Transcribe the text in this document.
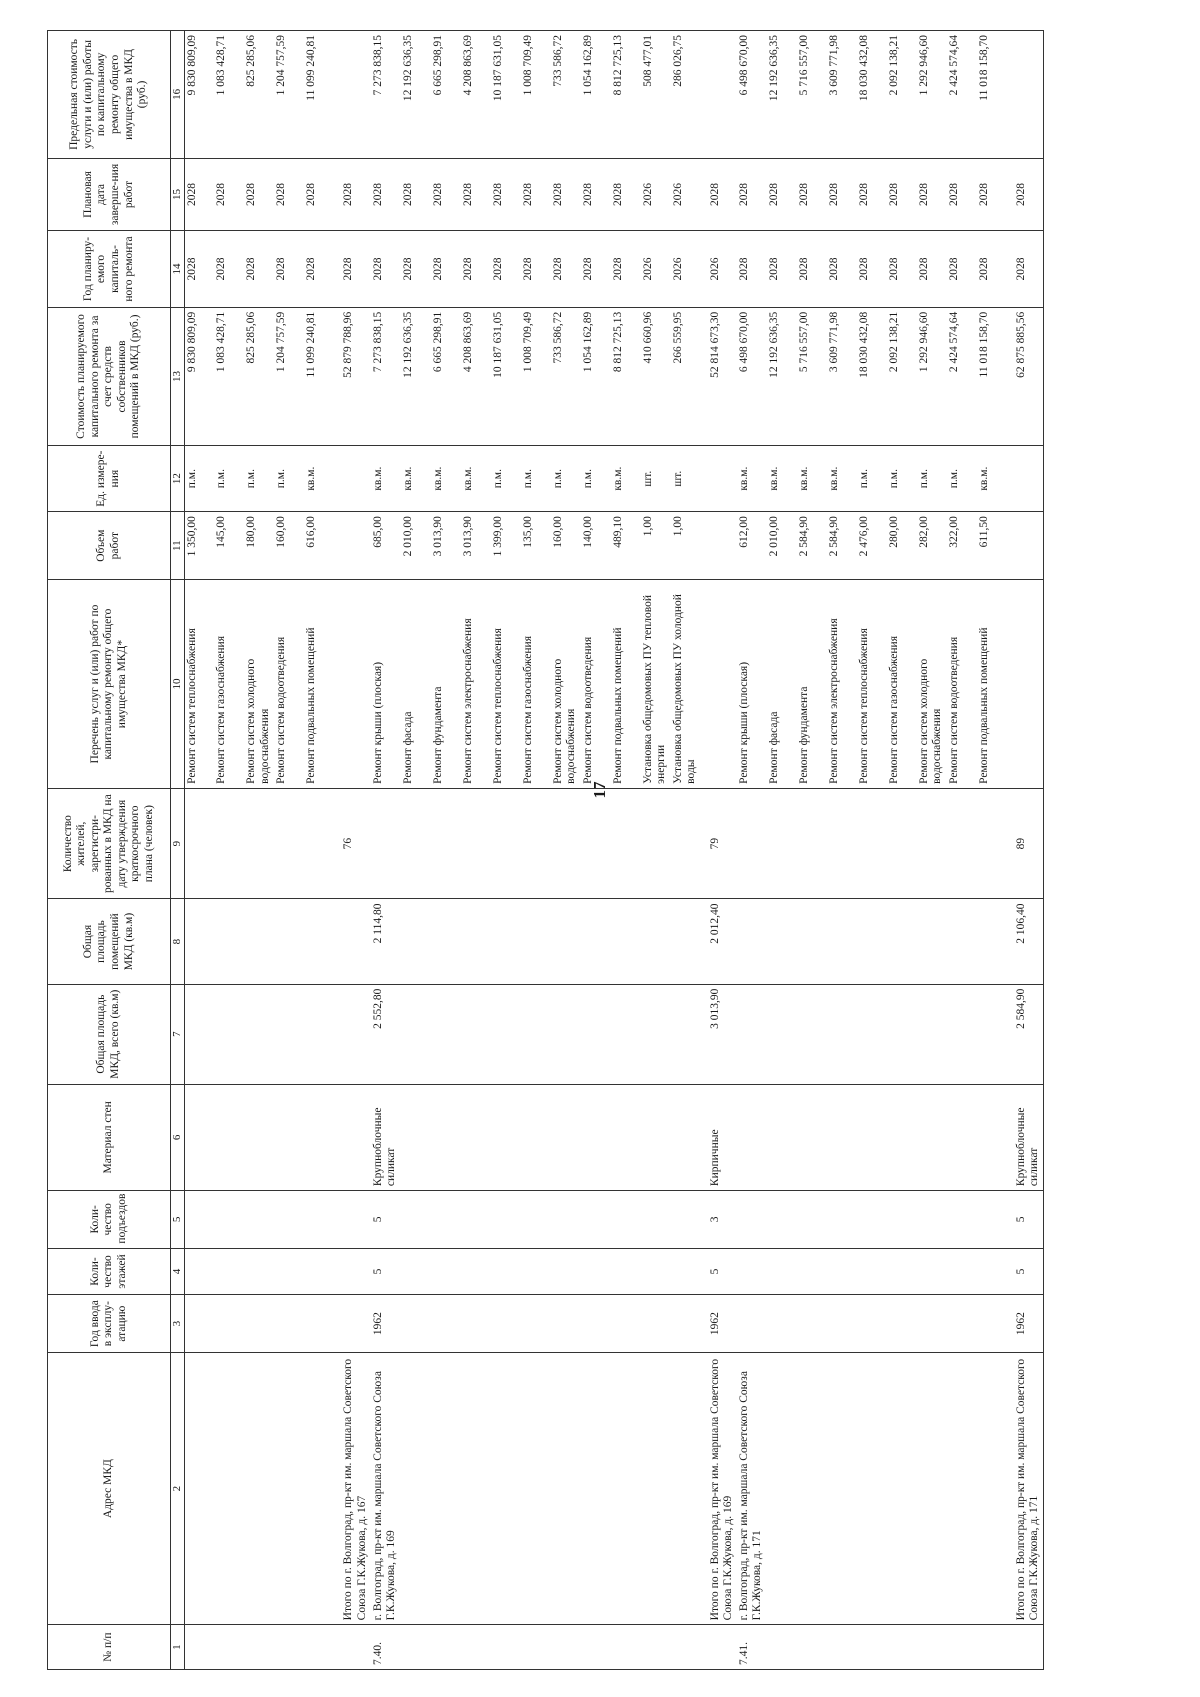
17
№ п/п	Адрес МКД	Год ввода в эксплу-атацию	Коли-чество этажей	Коли-чество подъездов	Материал стен	Общая площадь МКД, всего (кв.м)	Общая площадь помещений МКД (кв.м)	Количество жителей, зарегистри-рованных в МКД на дату утверждения краткосрочного плана (человек)	Перечень услуг и (или) работ по капитальному ремонту общего имущества МКД*	Объем работ	Ед. измере-ния	Стоимость планируемого капитального ремонта за счет средств собственников помещений в МКД (руб.)	Год планиру-емого капиталь-ного ремонта	Плановая дата заверше-ния работ	Предельная стоимость услуги и (или) работы по капитальному ремонту общего имущества в МКД (руб.)
1	2	3	4	5	6	7	8	9	10	11	12	13	14	15	16
									Ремонт систем теплоснабжения	1 350,00	п.м.	9 830 809,09	2028	2028	9 830 809,09
									Ремонт систем газоснабжения	145,00	п.м.	1 083 428,71	2028	2028	1 083 428,71
									Ремонт систем холодного водоснабжения	180,00	п.м.	825 285,06	2028	2028	825 285,06
									Ремонт систем водоотведения	160,00	п.м.	1 204 757,59	2028	2028	1 204 757,59
									Ремонт подвальных помещений	616,00	кв.м.	11 099 240,81	2028	2028	11 099 240,81
	Итого по г. Волгоград, пр-кт им. маршала Советского Союза Г.К.Жукова, д. 167							76				52 879 788,96	2028	2028	
7.40.	г. Волгоград, пр-кт им. маршала Советского Союза Г.К.Жукова, д. 169	1962	5	5	Крупноблочные силикат	2 552,80	2 114,80		Ремонт крыши (плоская)	685,00	кв.м.	7 273 838,15	2028	2028	7 273 838,15
									Ремонт фасада	2 010,00	кв.м.	12 192 636,35	2028	2028	12 192 636,35
									Ремонт фундамента	3 013,90	кв.м.	6 665 298,91	2028	2028	6 665 298,91
									Ремонт систем электроснабжения	3 013,90	кв.м.	4 208 863,69	2028	2028	4 208 863,69
									Ремонт систем теплоснабжения	1 399,00	п.м.	10 187 631,05	2028	2028	10 187 631,05
									Ремонт систем газоснабжения	135,00	п.м.	1 008 709,49	2028	2028	1 008 709,49
									Ремонт систем холодного водоснабжения	160,00	п.м.	733 586,72	2028	2028	733 586,72
									Ремонт систем водоотведения	140,00	п.м.	1 054 162,89	2028	2028	1 054 162,89
									Ремонт подвальных помещений	489,10	кв.м.	8 812 725,13	2028	2028	8 812 725,13
									Установка общедомовых ПУ тепловой энергии	1,00	шт.	410 660,96	2026	2026	508 477,01
									Установка общедомовых ПУ холодной воды	1,00	шт.	266 559,95	2026	2026	286 026,75
	Итого по г. Волгоград, пр-кт им. маршала Советского Союза Г.К.Жукова, д. 169	1962	5	3	Кирпичные	3 013,90	2 012,40	79				52 814 673,30	2026	2028	
7.41.	г. Волгоград, пр-кт им. маршала Советского Союза Г.К.Жукова, д. 171								Ремонт крыши (плоская)	612,00	кв.м.	6 498 670,00	2028	2028	6 498 670,00
									Ремонт фасада	2 010,00	кв.м.	12 192 636,35	2028	2028	12 192 636,35
									Ремонт фундамента	2 584,90	кв.м.	5 716 557,00	2028	2028	5 716 557,00
									Ремонт систем электроснабжения	2 584,90	кв.м.	3 609 771,98	2028	2028	3 609 771,98
									Ремонт систем теплоснабжения	2 476,00	п.м.	18 030 432,08	2028	2028	18 030 432,08
									Ремонт систем газоснабжения	280,00	п.м.	2 092 138,21	2028	2028	2 092 138,21
									Ремонт систем холодного водоснабжения	282,00	п.м.	1 292 946,60	2028	2028	1 292 946,60
									Ремонт систем водоотведения	322,00	п.м.	2 424 574,64	2028	2028	2 424 574,64
									Ремонт подвальных помещений	611,50	кв.м.	11 018 158,70	2028	2028	11 018 158,70
	Итого по г. Волгоград, пр-кт им. маршала Советского Союза Г.К.Жукова, д. 171	1962	5	5	Крупноблочные силикат	2 584,90	2 106,40	89				62 875 885,56	2028	2028	
